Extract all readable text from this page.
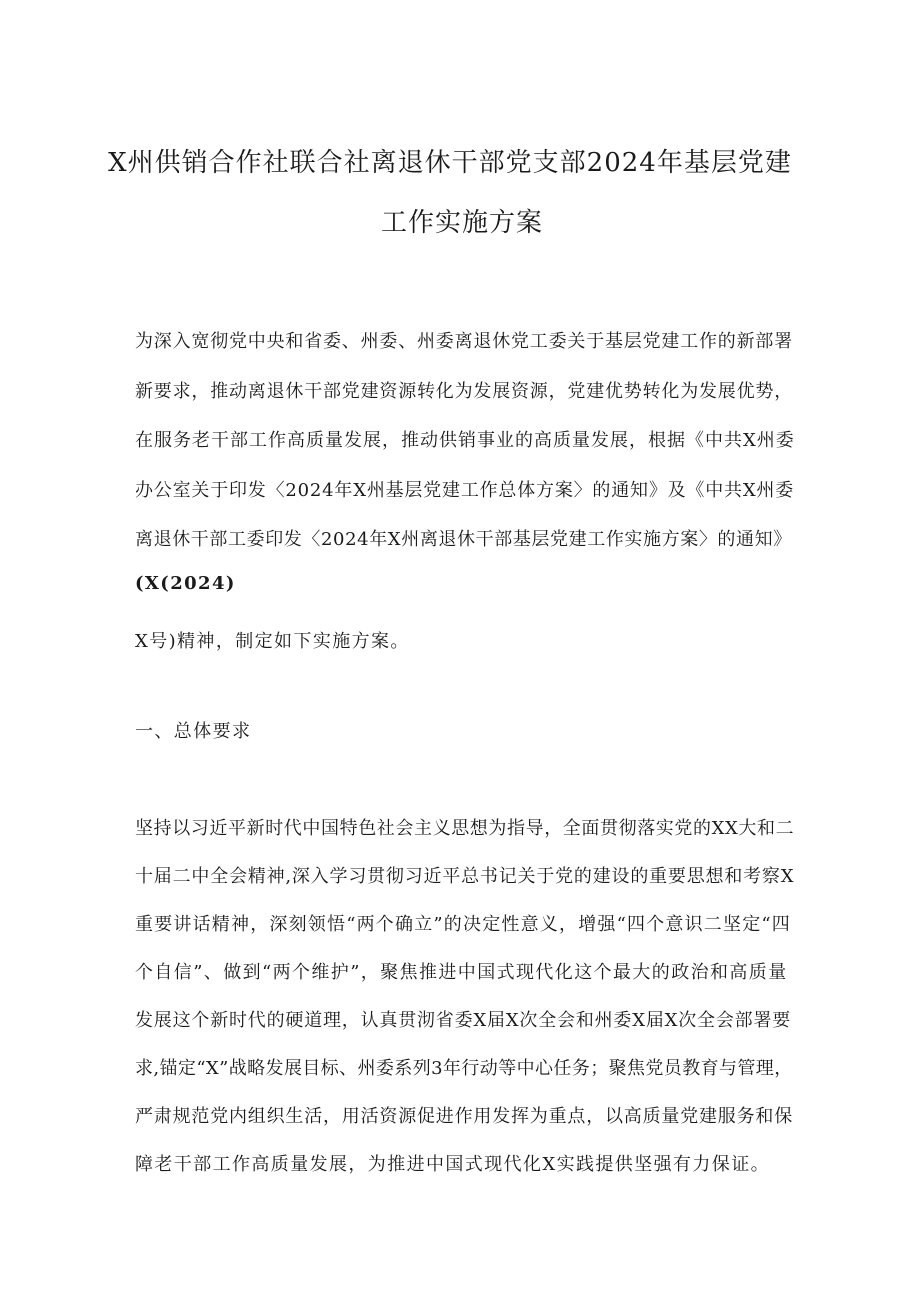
X州供销合作社联合社离退休干部党支部2024年基层党建
工作实施方案

为深入宽彻党中央和省委、州委、州委离退休党工委关于基层党建工作的新部署

新要求，推动离退休干部党建资源转化为发展资源，党建优势转化为发展优势，

在服务老干部工作高质量发展，推动供销事业的高质量发展，根据《中共X州委

办公室关于印发〈2024年X州基层党建工作总体方案〉的通知》及《中共X州委

离退休干部工委印发〈2024年X州离退休干部基层党建工作实施方案〉的通知》

(X(2024)

X号)精神，制定如下实施方案。

一、总体要求

坚持以习近平新时代中国特色社会主义思想为指导，全面贯彻落实党的XX大和二

十届二中全会精神,深入学习贯彻习近平总书记关于党的建设的重要思想和考察X

重要讲话精神，深刻领悟“两个确立”的决定性意义，增强“四个意识二坚定“四

个自信”、做到“两个维护”，聚焦推进中国式现代化这个最大的政治和高质量

发展这个新时代的硬道理，认真贯沏省委X届X次全会和州委X届X次全会部署要

求,锚定“X”战略发展目标、州委系列3年行动等中心任务；聚焦党员教育与管理，

严肃规范党内组织生活，用活资源促进作用发挥为重点，以高质量党建服务和保

障老干部工作高质量发展，为推进中国式现代化X实践提供坚强有力保证。
